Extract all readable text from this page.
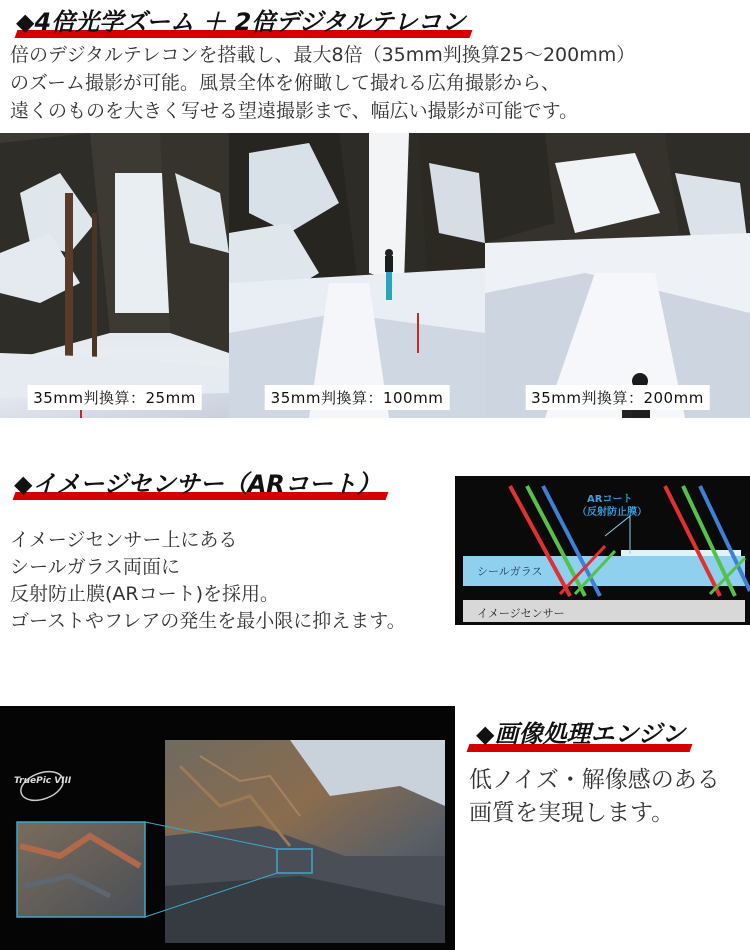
◆4倍光学ズーム ＋ 2倍デジタルテレコン
倍のデジタルテレコンを搭載し、最大8倍（35mm判換算25～200mm）
のズーム撮影が可能。風景全体を俯瞰して撮れる広角撮影から、
遠くのものを大きく写せる望遠撮影まで、幅広い撮影が可能です。
35mm判換算：25mm	35mm判換算：100mm	35mm判換算：200mm
◆イメージセンサー（ARコート）
イメージセンサー上にある
シールガラス両面に
反射防止膜(ARコート)を採用。
ゴーストやフレアの発生を最小限に抑えます。
ARコート
（反射防止膜）
シールガラス
イメージセンサー
TruePic VIII
◆画像処理エンジン
低ノイズ・解像感のある
画質を実現します。
